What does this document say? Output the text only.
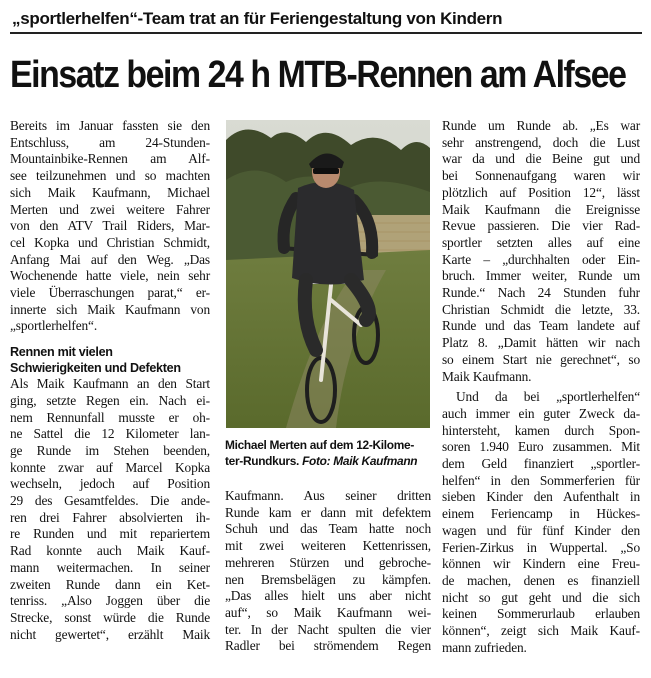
„sportlerhelfen“-Team trat an für Feriengestaltung von Kindern
Einsatz beim 24 h MTB-Rennen am Alfsee
Bereits im Januar fassten sie den
Entschluss, am 24-Stunden-
Mountainbike-Rennen am Alf-
see teilzunehmen und so machten
sich Maik Kaufmann, Michael
Merten und zwei weitere Fahrer
von den ATV Trail Riders, Mar-
cel Kopka und Christian Schmidt,
Anfang Mai auf den Weg. „Das
Wochenende hatte viele, nein sehr
viele Überraschungen parat,“ er-
innerte sich Maik Kaufmann von
„sportlerhelfen“.
Rennen mit vielen
Schwierigkeiten und Defekten
Als Maik Kaufmann an den Start
ging, setzte Regen ein. Nach ei-
nem Rennunfall musste er oh-
ne Sattel die 12 Kilometer lan-
ge Runde im Stehen beenden,
konnte zwar auf Marcel Kopka
wechseln, jedoch auf Position
29 des Gesamtfeldes. Die ande-
ren drei Fahrer absolvierten ih-
re Runden und mit repariertem
Rad konnte auch Maik Kauf-
mann weitermachen. In seiner
zweiten Runde dann ein Ket-
tenriss. „Also Joggen über die
Strecke, sonst würde die Runde
nicht gewertet“, erzählt Maik
Michael Merten auf dem 12-Kilome-
ter-Rundkurs. Foto: Maik Kaufmann
Kaufmann. Aus seiner dritten
Runde kam er dann mit defektem
Schuh und das Team hatte noch
mit zwei weiteren Kettenrissen,
mehreren Stürzen und gebroche-
nen Bremsbelägen zu kämpfen.
„Das alles hielt uns aber nicht
auf“, so Maik Kaufmann wei-
ter. In der Nacht spulten die vier
Radler bei strömendem Regen
Runde um Runde ab. „Es war
sehr anstrengend, doch die Lust
war da und die Beine gut und
bei Sonnenaufgang waren wir
plötzlich auf Position 12“, lässt
Maik Kaufmann die Ereignisse
Revue passieren. Die vier Rad-
sportler setzten alles auf eine
Karte – „durchhalten oder Ein-
bruch. Immer weiter, Runde um
Runde.“ Nach 24 Stunden fuhr
Christian Schmidt die letzte, 33.
Runde und das Team landete auf
Platz 8. „Damit hätten wir nach
so einem Start nie gerechnet“, so
Maik Kaufmann.
Und da bei „sportlerhelfen“
auch immer ein guter Zweck da-
hintersteht, kamen durch Spon-
soren 1.940 Euro zusammen. Mit
dem Geld finanziert „sportler-
helfen“ in den Sommerferien für
sieben Kinder den Aufenthalt in
einem Feriencamp in Hückes-
wagen und für fünf Kinder den
Ferien-Zirkus in Wuppertal. „So
können wir Kindern eine Freu-
de machen, denen es finanziell
nicht so gut geht und die sich
keinen Sommerurlaub erlauben
können“, zeigt sich Maik Kauf-
mann zufrieden.
